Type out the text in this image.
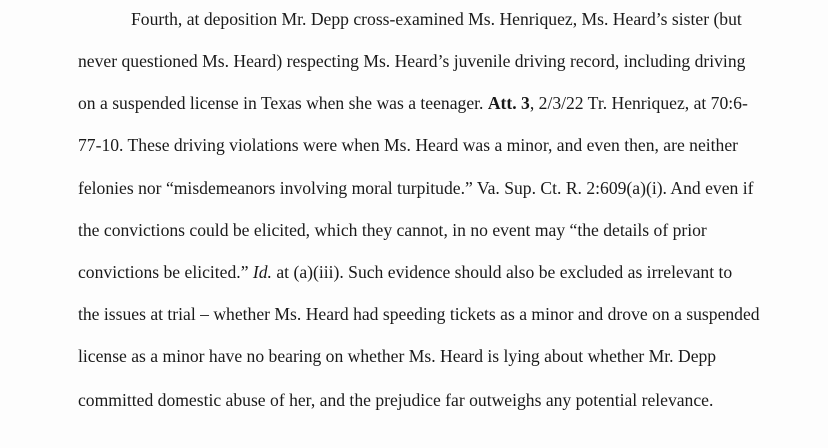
Fourth, at deposition Mr. Depp cross-examined Ms. Henriquez, Ms. Heard’s sister (but
never questioned Ms. Heard) respecting Ms. Heard’s juvenile driving record, including driving
on a suspended license in Texas when she was a teenager. Att. 3, 2/3/22 Tr. Henriquez, at 70:6-
77-10. These driving violations were when Ms. Heard was a minor, and even then, are neither
felonies nor “misdemeanors involving moral turpitude.” Va. Sup. Ct. R. 2:609(a)(i). And even if
the convictions could be elicited, which they cannot, in no event may “the details of prior
convictions be elicited.” Id. at (a)(iii). Such evidence should also be excluded as irrelevant to
the issues at trial – whether Ms. Heard had speeding tickets as a minor and drove on a suspended
license as a minor have no bearing on whether Ms. Heard is lying about whether Mr. Depp
committed domestic abuse of her, and the prejudice far outweighs any potential relevance.
